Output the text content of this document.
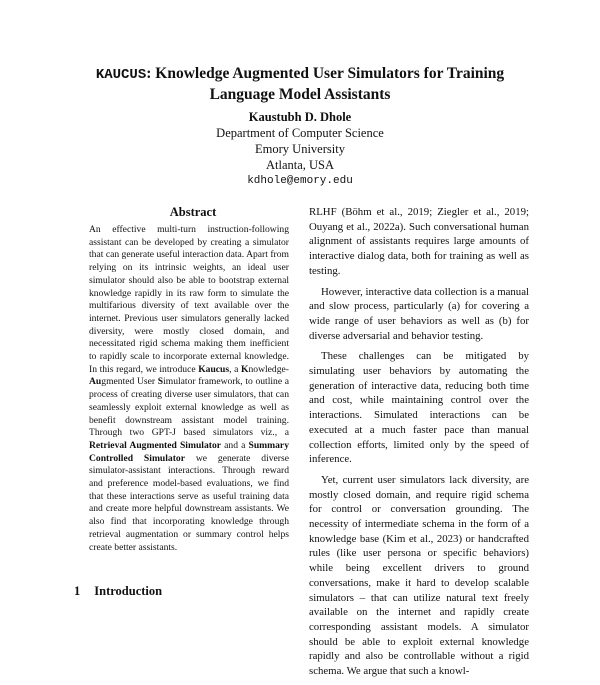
KAUCUS: Knowledge Augmented User Simulators for Training Language Model Assistants
Kaustubh D. Dhole
Department of Computer Science
Emory University
Atlanta, USA
kdhole@emory.edu
Abstract
An effective multi-turn instruction-following assistant can be developed by creating a simulator that can generate useful interaction data. Apart from relying on its intrinsic weights, an ideal user simulator should also be able to bootstrap external knowledge rapidly in its raw form to simulate the multifarious diversity of text available over the internet. Previous user simulators generally lacked diversity, were mostly closed domain, and necessitated rigid schema making them inefficient to rapidly scale to incorporate external knowledge. In this regard, we introduce Kaucus, a Knowledge-Augmented User Simulator framework, to outline a process of creating diverse user simulators, that can seamlessly exploit external knowledge as well as benefit downstream assistant model training. Through two GPT-J based simulators viz., a Retrieval Augmented Simulator and a Summary Controlled Simulator we generate diverse simulator-assistant interactions. Through reward and preference model-based evaluations, we find that these interactions serve as useful training data and create more helpful downstream assistants. We also find that incorporating knowledge through retrieval augmentation or summary control helps create better assistants.
1 Introduction

RLHF (Böhm et al., 2019; Ziegler et al., 2019; Ouyang et al., 2022a). Such conversational human alignment of assistants requires large amounts of interactive dialog data, both for training as well as testing.

However, interactive data collection is a manual and slow process, particularly (a) for covering a wide range of user behaviors as well as (b) for diverse adversarial and behavior testing.

These challenges can be mitigated by simulating user behaviors by automating the generation of interactive data, reducing both time and cost, while maintaining control over the interactions. Simulated interactions can be executed at a much faster pace than manual collection efforts, limited only by the speed of inference.

Yet, current user simulators lack diversity, are mostly closed domain, and require rigid schema for control or conversation grounding. The necessity of intermediate schema in the form of a knowledge base (Kim et al., 2023) or handcrafted rules (like user persona or specific behaviors) while being excellent drivers to ground conversations, make it hard to develop scalable simulators – that can utilize natural text freely available on the internet and rapidly create corresponding assistant models. A simulator should be able to exploit external knowledge rapidly and also be controllable without a rigid schema. We argue that such a knowl-
